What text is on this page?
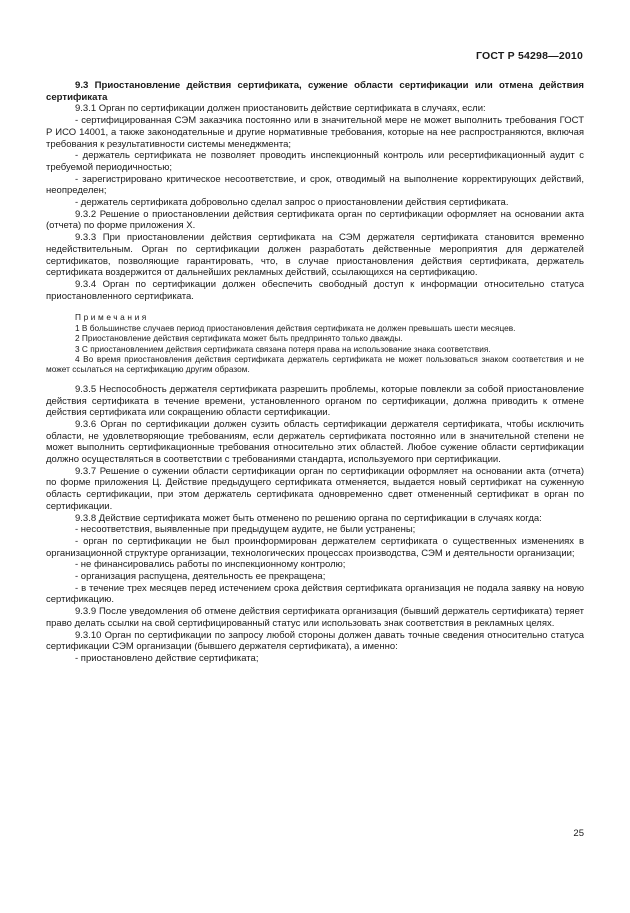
ГОСТ Р 54298—2010

9.3 Приостановление действия сертификата, сужение области сертификации или отмена действия сертификата

9.3.1 Орган по сертификации должен приостановить действие сертификата в случаях, если:

- сертифицированная СЭМ заказчика постоянно или в значительной мере не может выполнить требования ГОСТ Р ИСО 14001, а также законодательные и другие нормативные требования, которые на нее распространяются, включая требования к результативности системы менеджмента;

- держатель сертификата не позволяет проводить инспекционный контроль или ресертификационный аудит с требуемой периодичностью;

- зарегистрировано критическое несоответствие, и срок, отводимый на выполнение корректирующих действий, неопределен;

- держатель сертификата добровольно сделал запрос о приостановлении действия сертификата.

9.3.2 Решение о приостановлении действия сертификата орган по сертификации оформляет на основании акта (отчета) по форме приложения Х.

9.3.3 При приостановлении действия сертификата на СЭМ держателя сертификата становится временно недействительным. Орган по сертификации должен разработать действенные мероприятия для держателей сертификатов, позволяющие гарантировать, что, в случае приостановления действия сертификата, держатель сертификата воздержится от дальнейших рекламных действий, ссылающихся на сертификацию.

9.3.4 Орган по сертификации должен обеспечить свободный доступ к информации относительно статуса приостановленного сертификата.

Примечания

1 В большинстве случаев период приостановления действия сертификата не должен превышать шести месяцев.

2 Приостановление действия сертификата может быть предпринято только дважды.

3 С приостановлением действия сертификата связана потеря права на использование знака соответствия.

4 Во время приостановления действия сертификата держатель сертификата не может пользоваться знаком соответствия и не может ссылаться на сертификацию другим образом.

9.3.5 Неспособность держателя сертификата разрешить проблемы, которые повлекли за собой приостановление действия сертификата в течение времени, установленного органом по сертификации, должна приводить к отмене действия сертификата или сокращению области сертификации.

9.3.6 Орган по сертификации должен сузить область сертификации держателя сертификата, чтобы исключить области, не удовлетворяющие требованиям, если держатель сертификата постоянно или в значительной степени не может выполнить сертификационные требования относительно этих областей. Любое сужение области сертификации должно осуществляться в соответствии с требованиями стандарта, используемого при сертификации.

9.3.7 Решение о сужении области сертификации орган по сертификации оформляет на основании акта (отчета) по форме приложения Ц. Действие предыдущего сертификата отменяется, выдается новый сертификат на суженную область сертификации, при этом держатель сертификата одновременно сдвет отмененный сертификат в орган по сертификации.

9.3.8 Действие сертификата может быть отменено по решению органа по сертификации в случаях когда:

- несоответствия, выявленные при предыдущем аудите, не были устранены;

- орган по сертификации не был проинформирован держателем сертификата о существенных изменениях в организационной структуре организации, технологических процессах производства, СЭМ и деятельности организации;

- не финансировались работы по инспекционному контролю;

- организация распущена, деятельность ее прекращена;

- в течение трех месяцев перед истечением срока действия сертификата организация не подала заявку на новую сертификацию.

9.3.9 После уведомления об отмене действия сертификата организация (бывший держатель сертификата) теряет право делать ссылки на свой сертифицированный статус или использовать знак соответствия в рекламных целях.

9.3.10 Орган по сертификации по запросу любой стороны должен давать точные сведения относительно статуса сертификации СЭМ организации (бывшего держателя сертификата), а именно:

- приостановлено действие сертификата;

25
